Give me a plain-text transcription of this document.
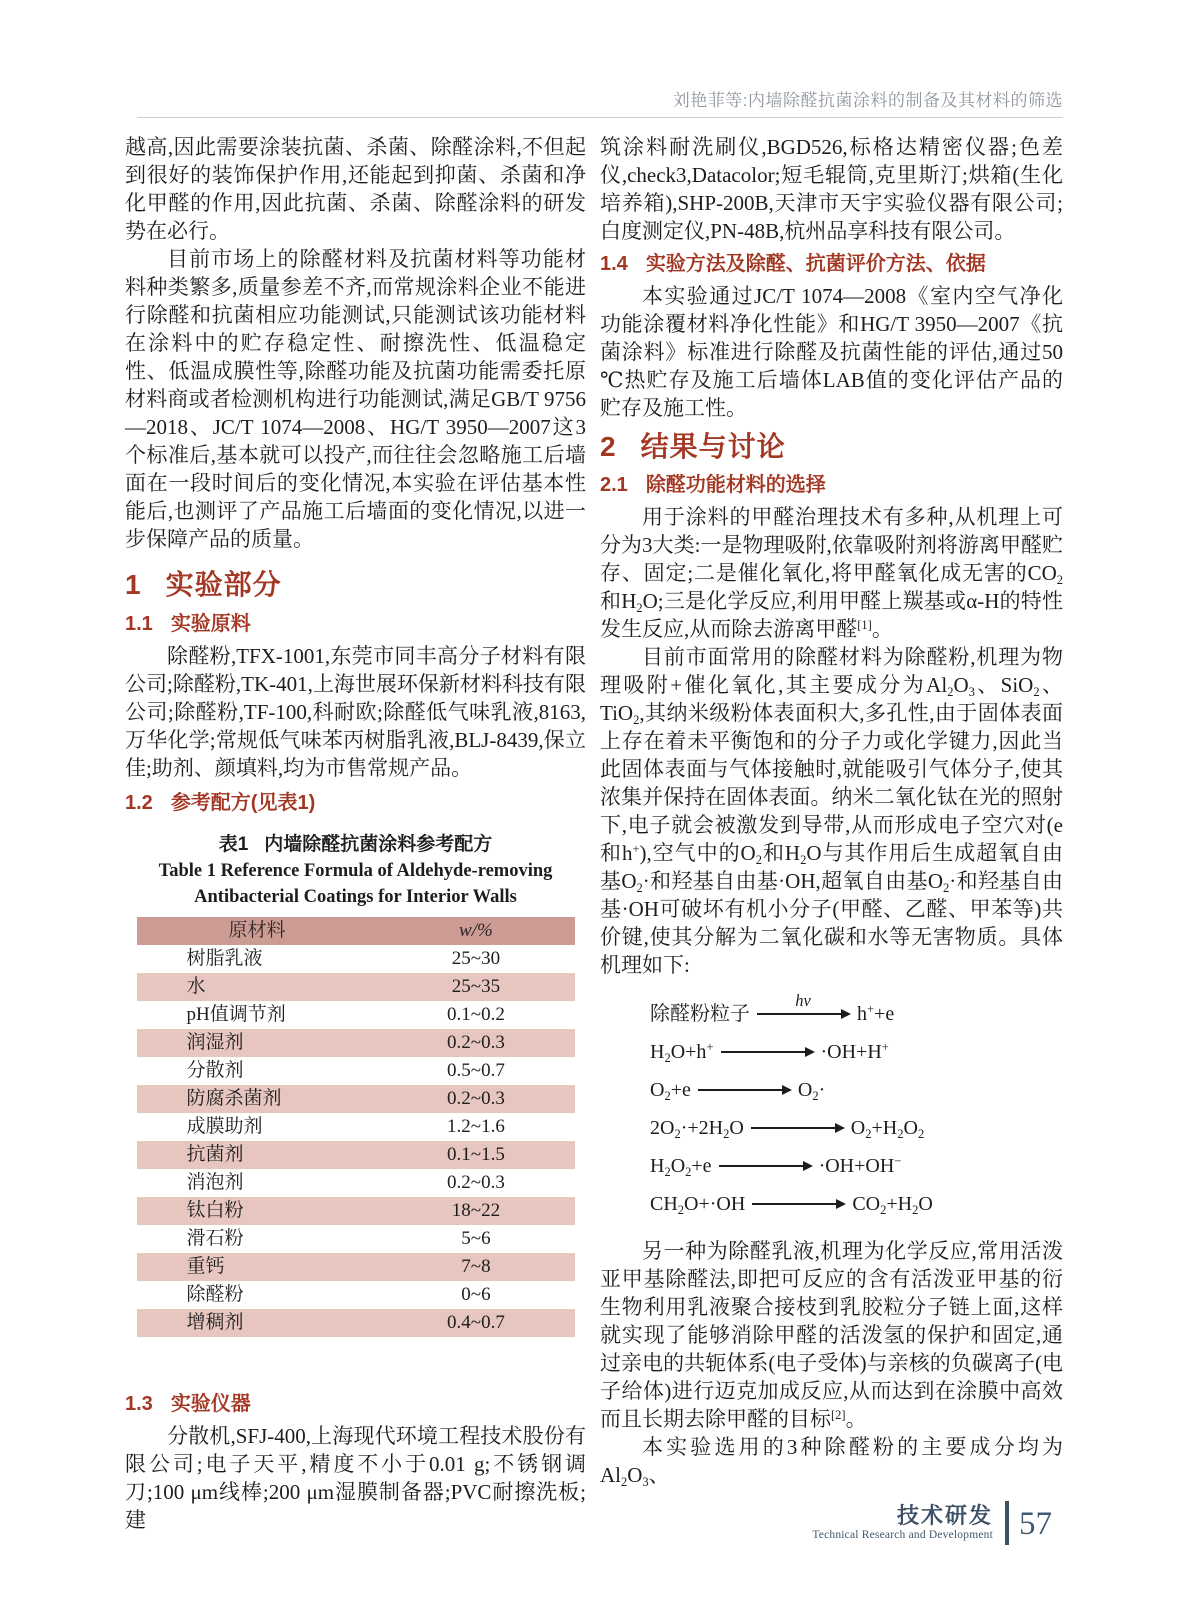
刘艳菲等:内墙除醛抗菌涂料的制备及其材料的筛选

越高,因此需要涂装抗菌、杀菌、除醛涂料,不但起到很好的装饰保护作用,还能起到抑菌、杀菌和净化甲醛的作用,因此抗菌、杀菌、除醛涂料的研发势在必行。

目前市场上的除醛材料及抗菌材料等功能材料种类繁多,质量参差不齐,而常规涂料企业不能进行除醛和抗菌相应功能测试,只能测试该功能材料在涂料中的贮存稳定性、耐擦洗性、低温稳定性、低温成膜性等,除醛功能及抗菌功能需委托原材料商或者检测机构进行功能测试,满足GB/T 9756—2018、JC/T 1074—2008、HG/T 3950—2007这3个标准后,基本就可以投产,而往往会忽略施工后墙面在一段时间后的变化情况,本实验在评估基本性能后,也测评了产品施工后墙面的变化情况,以进一步保障产品的质量。

1 实验部分
1.1 实验原料

除醛粉,TFX-1001,东莞市同丰高分子材料有限公司;除醛粉,TK-401,上海世展环保新材料科技有限公司;除醛粉,TF-100,科耐欧;除醛低气味乳液,8163,万华化学;常规低气味苯丙树脂乳液,BLJ-8439,保立佳;助剂、颜填料,均为市售常规产品。

1.2 参考配方(见表1)
表1 内墙除醛抗菌涂料参考配方
Table 1 Reference Formula of Aldehyde-removing
Antibacterial Coatings for Interior Walls
原材料	w/%
树脂乳液	25~30
水	25~35
pH值调节剂	0.1~0.2
润湿剂	0.2~0.3
分散剂	0.5~0.7
防腐杀菌剂	0.2~0.3
成膜助剂	1.2~1.6
抗菌剂	0.1~1.5
消泡剂	0.2~0.3
钛白粉	18~22
滑石粉	5~6
重钙	7~8
除醛粉	0~6
增稠剂	0.4~0.7
1.3 实验仪器

分散机,SFJ-400,上海现代环境工程技术股份有限公司;电子天平,精度不小于0.01 g;不锈钢调刀;100 μm线棒;200 μm湿膜制备器;PVC耐擦洗板;建

筑涂料耐洗刷仪,BGD526,标格达精密仪器;色差仪,check3,Datacolor;短毛辊筒,克里斯汀;烘箱(生化培养箱),SHP-200B,天津市天宇实验仪器有限公司;白度测定仪,PN-48B,杭州品享科技有限公司。

1.4 实验方法及除醛、抗菌评价方法、依据

本实验通过JC/T 1074—2008《室内空气净化功能涂覆材料净化性能》和HG/T 3950—2007《抗菌涂料》标准进行除醛及抗菌性能的评估,通过50 ℃热贮存及施工后墙体LAB值的变化评估产品的贮存及施工性。

2 结果与讨论
2.1 除醛功能材料的选择

用于涂料的甲醛治理技术有多种,从机理上可分为3大类:一是物理吸附,依靠吸附剂将游离甲醛贮存、固定;二是催化氧化,将甲醛氧化成无害的$CO_2$和$H_2O$;三是化学反应,利用甲醛上羰基或α-H的特性发生反应,从而除去游离甲醛[1]。

目前市面常用的除醛材料为除醛粉,机理为物理吸附+催化氧化,其主要成分为$Al_2O_3$、SiO$_2$、TiO$_2$,其纳米级粉体表面积大,多孔性,由于固体表面上存在着未平衡饱和的分子力或化学键力,因此当此固体表面与气体接触时,就能吸引气体分子,使其浓集并保持在固体表面。纳米二氧化钛在光的照射下,电子就会被激发到导带,从而形成电子空穴对(e和h+),空气中的$O_2$和$H_2O$与其作用后生成超氧自由基$O_2\cdot$和羟基自由基·OH,超氧自由基$O_2\cdot$和羟基自由基·OH可破坏有机小分子(甲醛、乙醛、甲苯等)共价键,使其分解为二氧化碳和水等无害物质。具体机理如下:

除醛粉粒子
hν
h++e
$H_2O+h^+$	·OH+H+
$O_2+e$	$O_2\cdot$
$2O_2\cdot+2H_2O$	$O_2+H_2O_2$
$H_2O_2+e$	·OH+OH−
$CH_2O+\cdot OH$	$CO_2+H_2O$

另一种为除醛乳液,机理为化学反应,常用活泼亚甲基除醛法,即把可反应的含有活泼亚甲基的衍生物利用乳液聚合接枝到乳胶粒分子链上面,这样就实现了能够消除甲醛的活泼氢的保护和固定,通过亲电的共轭体系(电子受体)与亲核的负碳离子(电子给体)进行迈克加成反应,从而达到在涂膜中高效而且长期去除甲醛的目标[2]。

本实验选用的3种除醛粉的主要成分均为$Al_2O_3$、

技术研发
Technical Research and Development 57
